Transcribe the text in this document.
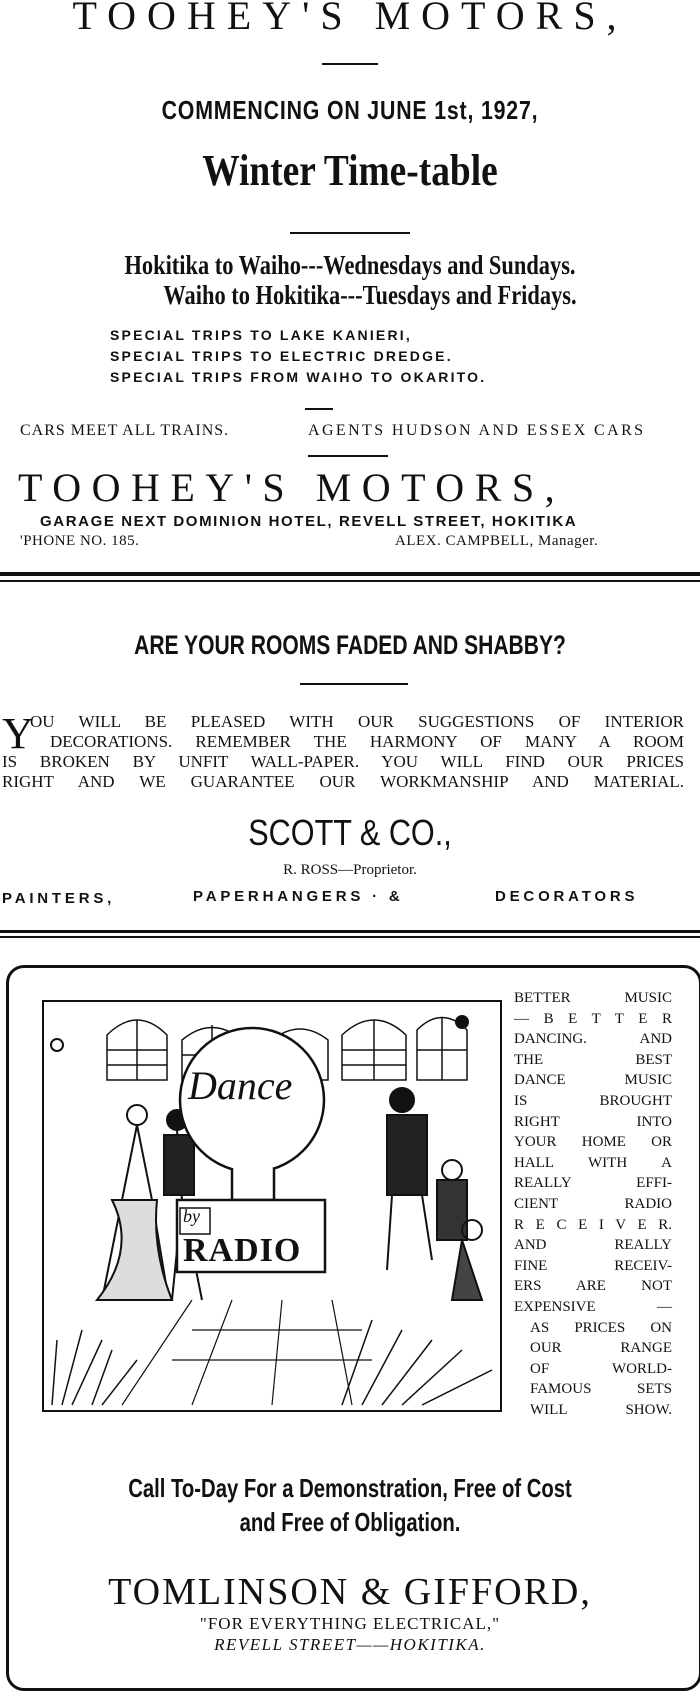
TOOHEY'S MOTORS,
COMMENCING ON JUNE 1st, 1927,
Winter Time-table
Hokitika to Waiho---Wednesdays and Sundays.
Waiho to Hokitika---Tuesdays and Fridays.
SPECIAL TRIPS TO LAKE KANIERI,
SPECIAL TRIPS TO ELECTRIC DREDGE.
SPECIAL TRIPS FROM WAIHO TO OKARITO.
CARS MEET ALL TRAINS.	AGENTS HUDSON AND ESSEX CARS
TOOHEY'S MOTORS,
GARAGE NEXT DOMINION HOTEL, REVELL STREET, HOKITIKA
'PHONE NO. 185.	ALEX. CAMPBELL, Manager.
ARE YOUR ROOMS FADED AND SHABBY?
Y
OU WILL BE PLEASED WITH OUR SUGGESTIONS OF INTERIOR
DECORATIONS. REMEMBER THE HARMONY OF MANY A ROOM
IS BROKEN BY UNFIT WALL-PAPER. YOU WILL FIND OUR PRICES
RIGHT AND WE GUARANTEE OUR WORKMANSHIP AND MATERIAL.
SCOTT & CO.,
R. ROSS—Proprietor.
PAINTERS,	PAPERHANGERS · &	DECORATORS
Dance
by
RADIO
BETTER MUSIC
— B E T T E R
DANCING. AND
THE BEST
DANCE MUSIC
IS BROUGHT
RIGHT INTO
YOUR HOME OR
HALL WITH A
REALLY EFFI-
CIENT RADIO
R E C E I V E R.
AND REALLY
FINE RECEIV-
ERS ARE NOT
EXPENSIVE —
AS PRICES ON
OUR RANGE
OF WORLD-
FAMOUS SETS
WILL SHOW.
Call To-Day For a Demonstration, Free of Cost
and Free of Obligation.
TOMLINSON & GIFFORD,
"FOR EVERYTHING ELECTRICAL,"
REVELL STREET——HOKITIKA.
